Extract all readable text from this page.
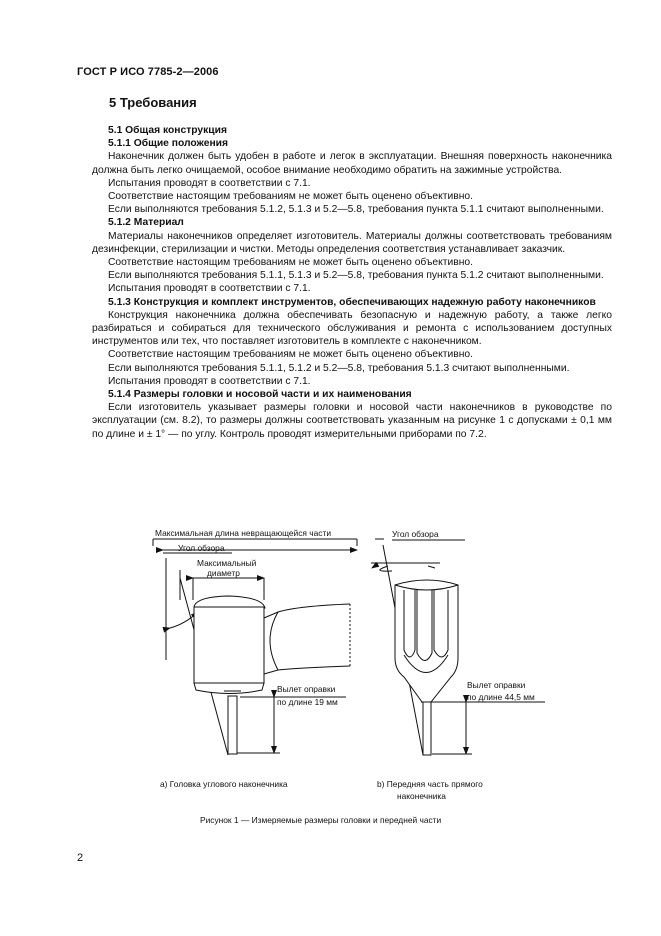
ГОСТ Р ИСО 7785-2—2006
5 Требования

5.1 Общая конструкция

5.1.1 Общие положения

Наконечник должен быть удобен в работе и легок в эксплуатации. Внешняя поверхность наконечника должна быть легко очищаемой, особое внимание необходимо обратить на зажимные устройства.

Испытания проводят в соответствии с 7.1.

Соответствие настоящим требованиям не может быть оценено объективно.

Если выполняются требования 5.1.2, 5.1.3 и 5.2—5.8, требования пункта 5.1.1 считают выполненными.

5.1.2 Материал

Материалы наконечников определяет изготовитель. Материалы должны соответствовать требованиям дезинфекции, стерилизации и чистки. Методы определения соответствия устанавливает заказчик.

Соответствие настоящим требованиям не может быть оценено объективно.

Если выполняются требования 5.1.1, 5.1.3 и 5.2—5.8, требования пункта 5.1.2 считают выполненными.

Испытания проводят в соответствии с 7.1.

5.1.3 Конструкция и комплект инструментов, обеспечивающих надежную работу наконечников

Конструкция наконечника должна обеспечивать безопасную и надежную работу, а также легко разбираться и собираться для технического обслуживания и ремонта с использованием доступных инструментов или тех, что поставляет изготовитель в комплекте с наконечником.

Соответствие настоящим требованиям не может быть оценено объективно.

Если выполняются требования 5.1.1, 5.1.2 и 5.2—5.8, требования 5.1.3 считают выполненными.

Испытания проводят в соответствии с 7.1.

5.1.4 Размеры головки и носовой части и их наименования

Если изготовитель указывает размеры головки и носовой части наконечников в руководстве по эксплуатации (см. 8.2), то размеры должны соответствовать указанным на рисунке 1 с допусками ± 0,1 мм по длине и ± 1° — по углу. Контроль проводят измерительными приборами по 7.2.

Максимальная длина невращающейся части
Угол обзора
Максимальный
диаметр
Вылет оправки
по длине 19 мм
Угол обзора
Вылет оправки
по длине 44,5 мм
а) Головка углового наконечника	b) Передняя часть прямого
наконечника
Рисунок 1 — Измеряемые размеры головки и передней части
2
